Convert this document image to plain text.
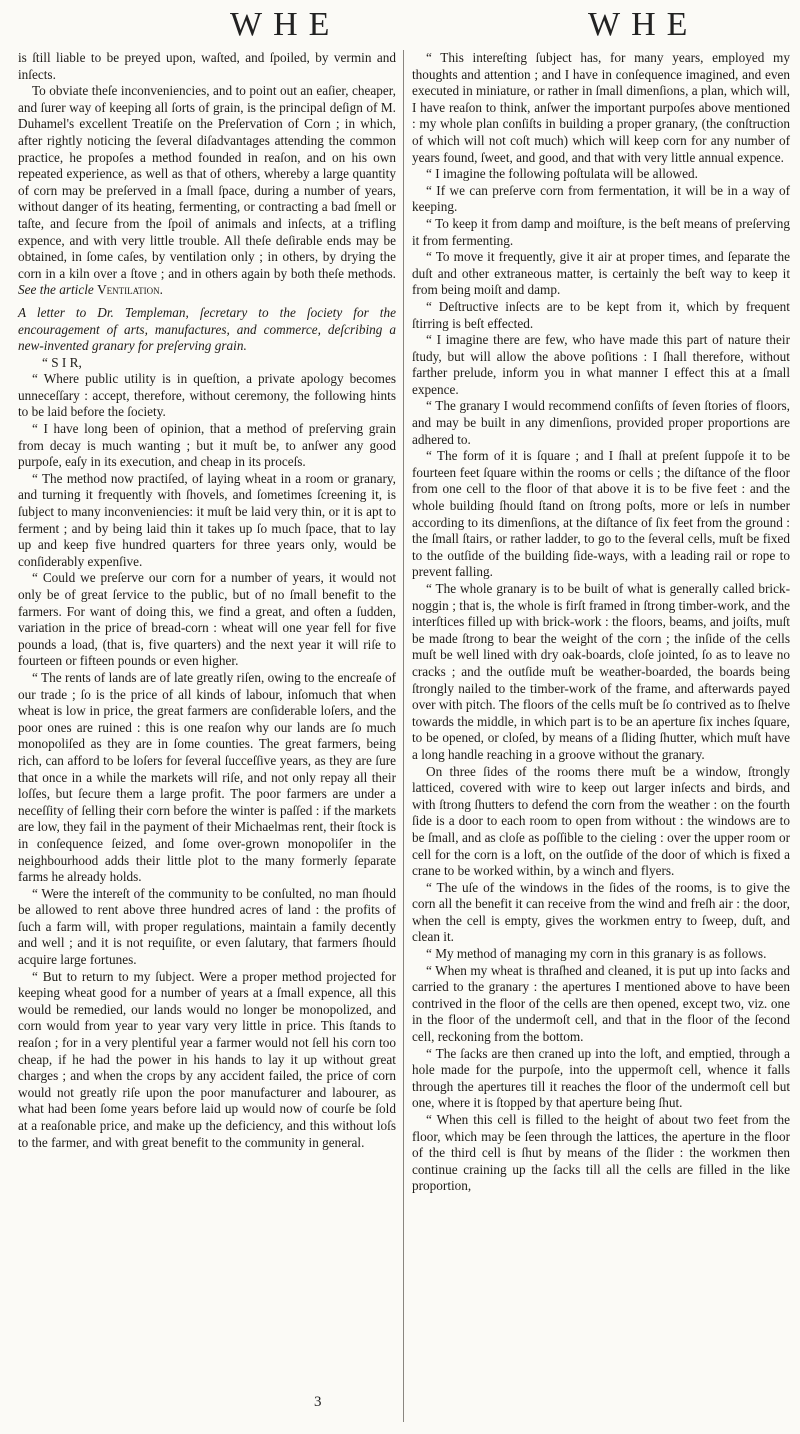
WHE	WHE

is ſtill liable to be preyed upon, waſted, and ſpoiled, by vermin and inſects.

To obviate theſe inconveniencies, and to point out an eaſier, cheaper, and ſurer way of keeping all ſorts of grain, is the principal deſign of M. Duhamel's excellent Treatiſe on the Preſervation of Corn ; in which, after rightly noticing the ſeveral diſadvantages attending the common practice, he propoſes a method founded in reaſon, and on his own repeated experience, as well as that of others, whereby a large quantity of corn may be preſerved in a ſmall ſpace, during a number of years, without danger of its heating, fermenting, or contracting a bad ſmell or taſte, and ſecure from the ſpoil of animals and inſects, at a trifling expence, and with very little trouble. All theſe deſirable ends may be obtained, in ſome caſes, by ventilation only ; in others, by drying the corn in a kiln over a ſtove ; and in others again by both theſe methods. See the article Ventilation.

A letter to Dr. Templeman, ſecretary to the ſociety for the encouragement of arts, manufactures, and commerce, deſcribing a new-invented granary for preſerving grain.

“ S I R,

“ Where public utility is in queſtion, a private apology becomes unneceſſary : accept, therefore, without ceremony, the following hints to be laid before the ſociety.

“ I have long been of opinion, that a method of preſerving grain from decay is much wanting ; but it muſt be, to anſwer any good purpoſe, eaſy in its execution, and cheap in its proceſs.

“ The method now practiſed, of laying wheat in a room or granary, and turning it frequently with ſhovels, and ſometimes ſcreening it, is ſubject to many inconveniencies: it muſt be laid very thin, or it is apt to ferment ; and by being laid thin it takes up ſo much ſpace, that to lay up and keep five hundred quarters for three years only, would be conſiderably expenſive.

“ Could we preſerve our corn for a number of years, it would not only be of great ſervice to the public, but of no ſmall benefit to the farmers. For want of doing this, we find a great, and often a ſudden, variation in the price of bread-corn : wheat will one year fell for five pounds a load, (that is, five quarters) and the next year it will riſe to fourteen or fifteen pounds or even higher.

“ The rents of lands are of late greatly riſen, owing to the encreaſe of our trade ; ſo is the price of all kinds of labour, inſomuch that when wheat is low in price, the great farmers are conſiderable loſers, and the poor ones are ruined : this is one reaſon why our lands are ſo much monopoliſed as they are in ſome counties. The great farmers, being rich, can afford to be loſers for ſeveral ſucceſſive years, as they are ſure that once in a while the markets will riſe, and not only repay all their loſſes, but ſecure them a large profit. The poor farmers are under a neceſſity of ſelling their corn before the winter is paſſed : if the markets are low, they fail in the payment of their Michaelmas rent, their ſtock is in conſequence ſeized, and ſome over-grown monopoliſer in the neighbourhood adds their little plot to the many formerly ſeparate farms he already holds.

“ Were the intereſt of the community to be conſulted, no man ſhould be allowed to rent above three hundred acres of land : the profits of ſuch a farm will, with proper regulations, maintain a family decently and well ; and it is not requiſite, or even ſalutary, that farmers ſhould acquire large fortunes.

“ But to return to my ſubject. Were a proper method projected for keeping wheat good for a number of years at a ſmall expence, all this would be remedied, our lands would no longer be monopolized, and corn would from year to year vary very little in price. This ſtands to reaſon ; for in a very plentiful year a farmer would not ſell his corn too cheap, if he had the power in his hands to lay it up without great charges ; and when the crops by any accident failed, the price of corn would not greatly riſe upon the poor manufacturer and labourer, as what had been ſome years before laid up would now of courſe be ſold at a reaſonable price, and make up the deficiency, and this without loſs to the farmer, and with great benefit to the community in general.

“ This intereſting ſubject has, for many years, employed my thoughts and attention ; and I have in conſequence imagined, and even executed in miniature, or rather in ſmall dimenſions, a plan, which will, I have reaſon to think, anſwer the important purpoſes above mentioned : my whole plan conſiſts in building a proper granary, (the conſtruction of which will not coſt much) which will keep corn for any number of years found, ſweet, and good, and that with very little annual expence.

“ I imagine the following poſtulata will be allowed.

“ If we can preſerve corn from fermentation, it will be in a way of keeping.

“ To keep it from damp and moiſture, is the beſt means of preſerving it from fermenting.

“ To move it frequently, give it air at proper times, and ſeparate the duſt and other extraneous matter, is certainly the beſt way to keep it from being moiſt and damp.

“ Deſtructive inſects are to be kept from it, which by frequent ſtirring is beſt effected.

“ I imagine there are few, who have made this part of nature their ſtudy, but will allow the above poſitions : I ſhall therefore, without farther prelude, inform you in what manner I effect this at a ſmall expence.

“ The granary I would recommend conſiſts of ſeven ſtories of floors, and may be built in any dimenſions, provided proper proportions are adhered to.

“ The form of it is ſquare ; and I ſhall at preſent ſuppoſe it to be fourteen feet ſquare within the rooms or cells ; the diſtance of the floor from one cell to the floor of that above it is to be five feet : and the whole building ſhould ſtand on ſtrong poſts, more or leſs in number according to its dimenſions, at the diſtance of ſix feet from the ground : the ſmall ſtairs, or rather ladder, to go to the ſeveral cells, muſt be fixed to the outſide of the building ſide-ways, with a leading rail or rope to prevent falling.

“ The whole granary is to be built of what is generally called brick-noggin ; that is, the whole is firſt framed in ſtrong timber-work, and the interſtices filled up with brick-work : the floors, beams, and joiſts, muſt be made ſtrong to bear the weight of the corn ; the inſide of the cells muſt be well lined with dry oak-boards, cloſe jointed, ſo as to leave no cracks ; and the outſide muſt be weather-boarded, the boards being ſtrongly nailed to the timber-work of the frame, and afterwards payed over with pitch. The floors of the cells muſt be ſo contrived as to ſhelve towards the middle, in which part is to be an aperture ſix inches ſquare, to be opened, or cloſed, by means of a ſliding ſhutter, which muſt have a long handle reaching in a groove without the granary.

On three ſides of the rooms there muſt be a window, ſtrongly latticed, covered with wire to keep out larger inſects and birds, and with ſtrong ſhutters to defend the corn from the weather : on the fourth ſide is a door to each room to open from without : the windows are to be ſmall, and as cloſe as poſſible to the cieling : over the upper room or cell for the corn is a loft, on the outſide of the door of which is fixed a crane to be worked within, by a winch and flyers.

“ The uſe of the windows in the ſides of the rooms, is to give the corn all the benefit it can receive from the wind and freſh air : the door, when the cell is empty, gives the workmen entry to ſweep, duſt, and clean it.

“ My method of managing my corn in this granary is as follows.

“ When my wheat is thraſhed and cleaned, it is put up into ſacks and carried to the granary : the apertures I mentioned above to have been contrived in the floor of the cells are then opened, except two, viz. one in the floor of the undermoſt cell, and that in the floor of the ſecond cell, reckoning from the bottom.

“ The ſacks are then craned up into the loft, and emptied, through a hole made for the purpoſe, into the uppermoſt cell, whence it falls through the apertures till it reaches the floor of the undermoſt cell but one, where it is ſtopped by that aperture being ſhut.

“ When this cell is filled to the height of about two feet from the floor, which may be ſeen through the lattices, the aperture in the floor of the third cell is ſhut by means of the ſlider : the workmen then continue craining up the ſacks till all the cells are filled in the like proportion,

3
